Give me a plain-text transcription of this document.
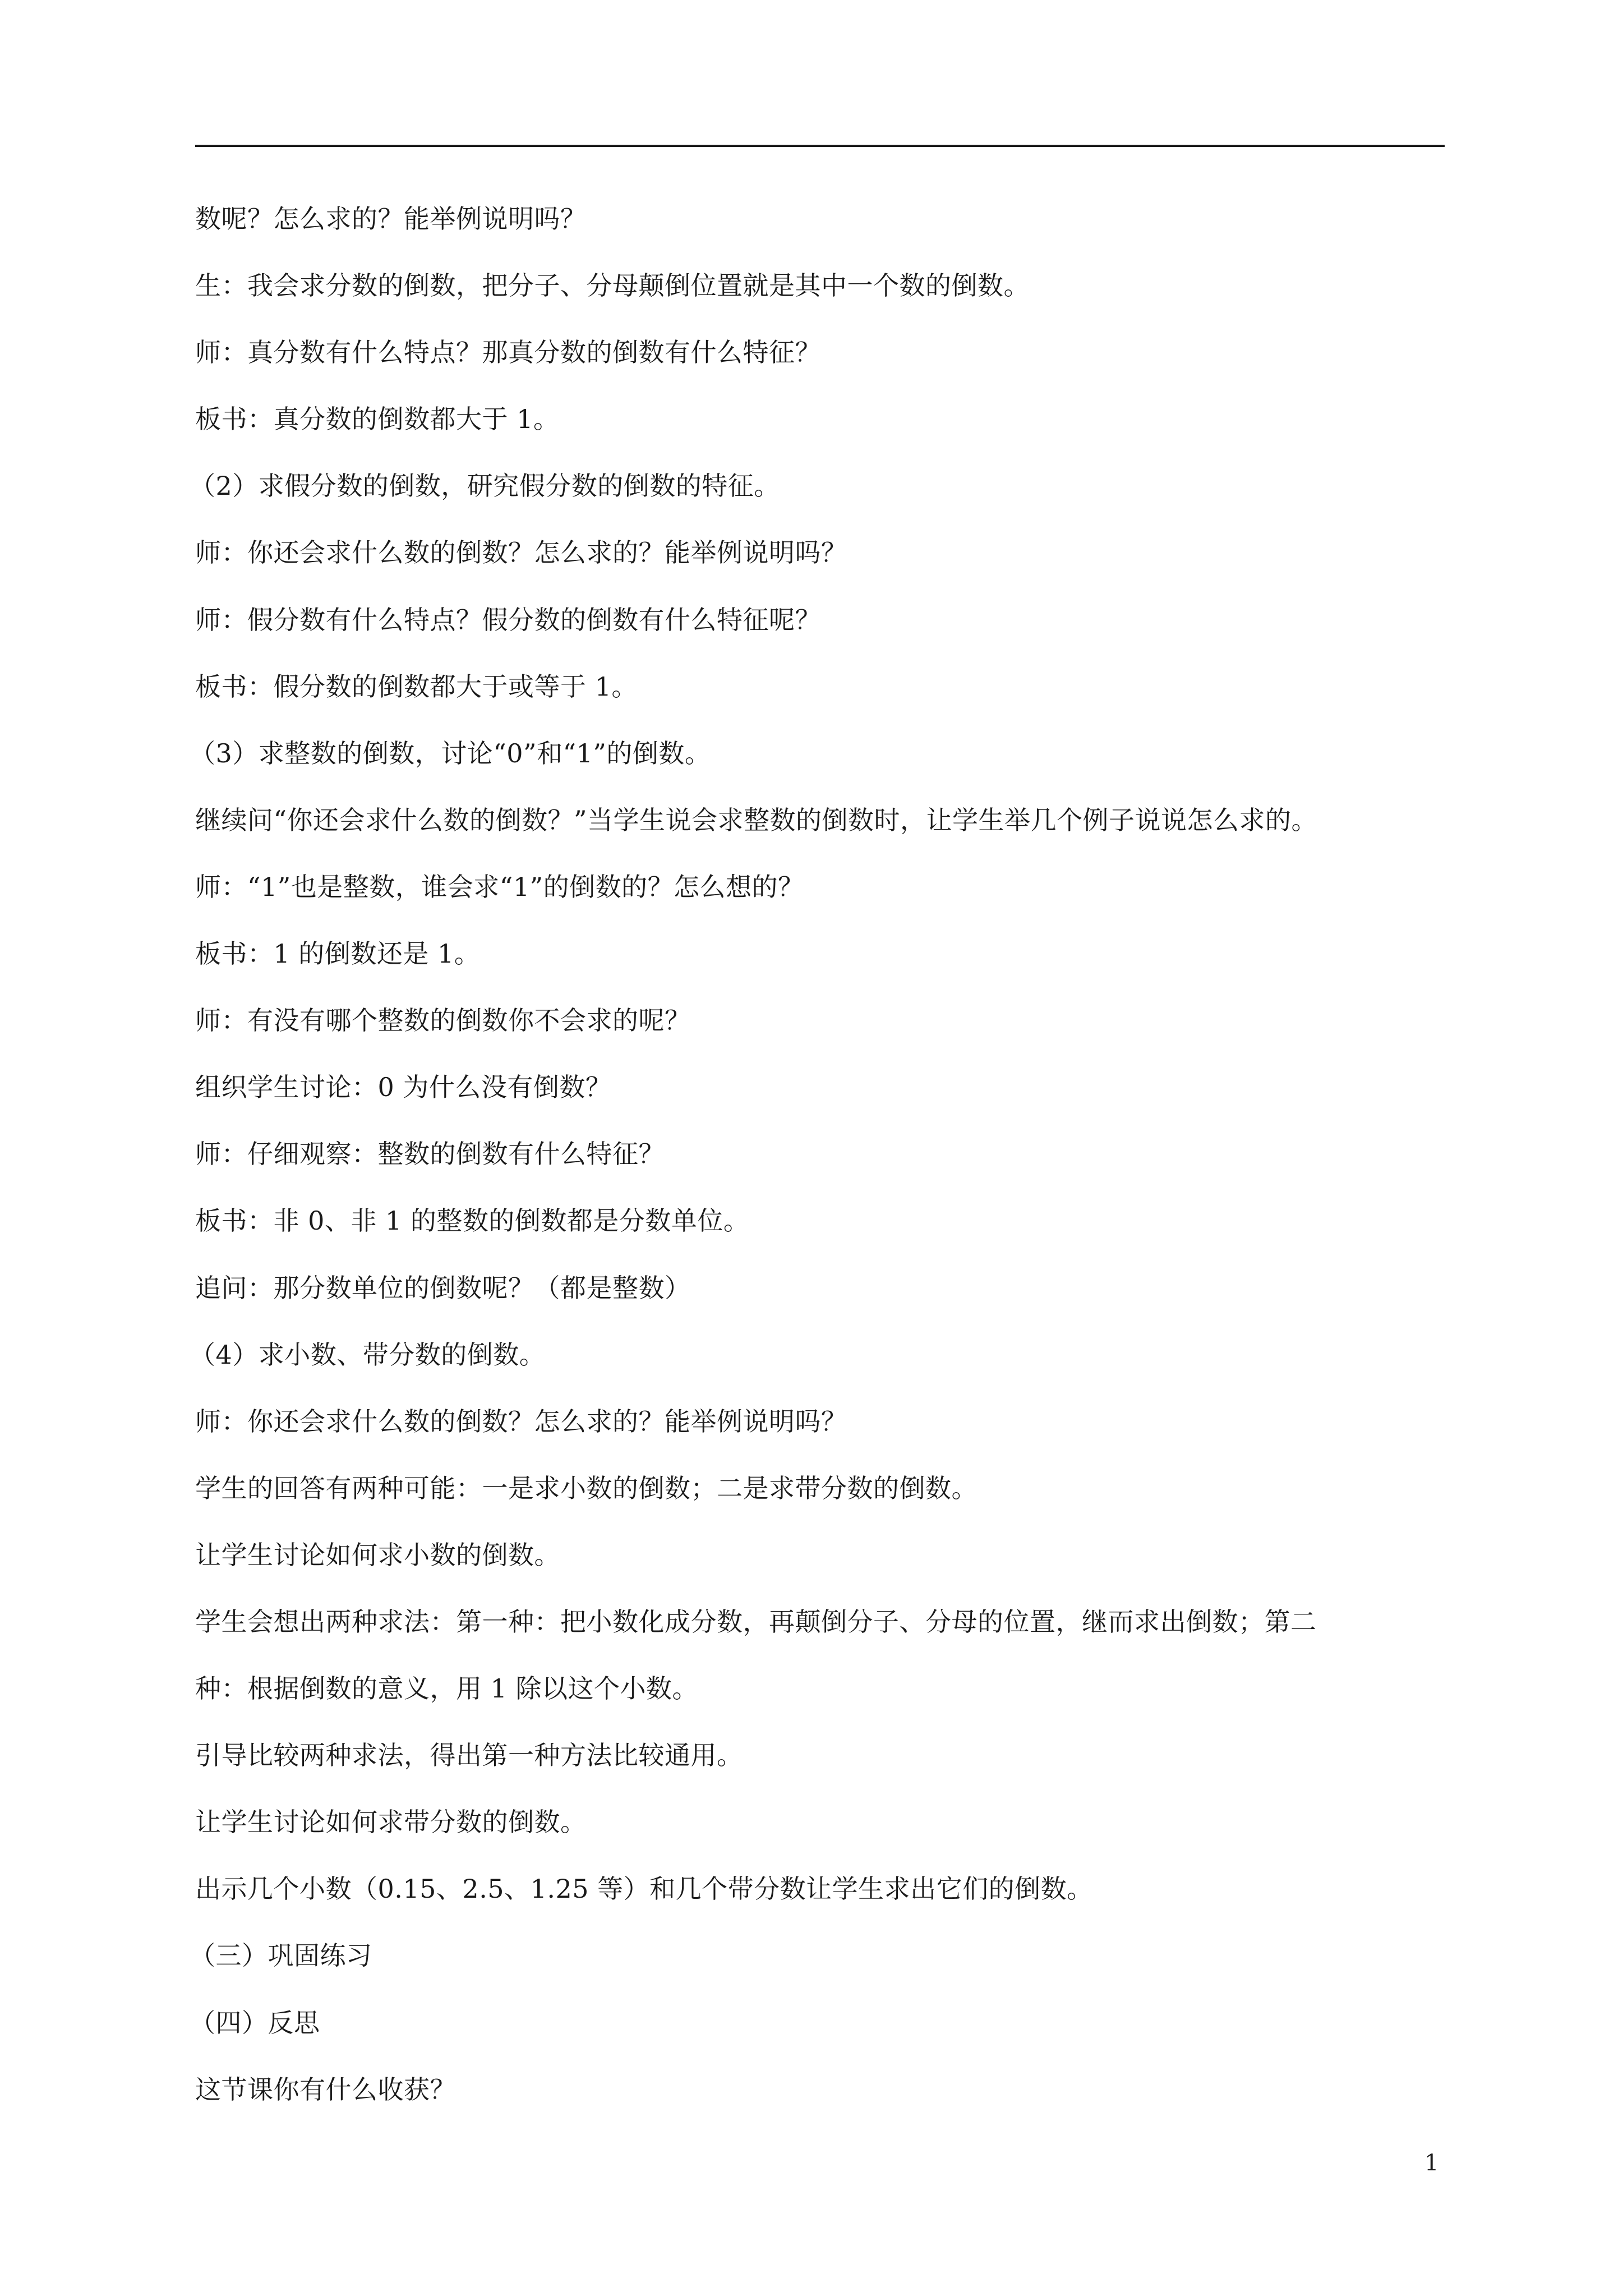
数呢？怎么求的？能举例说明吗？

生：我会求分数的倒数，把分子、分母颠倒位置就是其中一个数的倒数。

师：真分数有什么特点？那真分数的倒数有什么特征？

板书：真分数的倒数都大于 1。

（2）求假分数的倒数，研究假分数的倒数的特征。

师：你还会求什么数的倒数？怎么求的？能举例说明吗？

师：假分数有什么特点？假分数的倒数有什么特征呢？

板书：假分数的倒数都大于或等于 1。

（3）求整数的倒数，讨论“0”和“1”的倒数。

继续问“你还会求什么数的倒数？”当学生说会求整数的倒数时，让学生举几个例子说说怎么求的。

师：“1”也是整数，谁会求“1”的倒数的？怎么想的？

板书：1 的倒数还是 1。

师：有没有哪个整数的倒数你不会求的呢？

组织学生讨论：0 为什么没有倒数？

师：仔细观察：整数的倒数有什么特征？

板书：非 0、非 1 的整数的倒数都是分数单位。

追问：那分数单位的倒数呢？（都是整数）

（4）求小数、带分数的倒数。

师：你还会求什么数的倒数？怎么求的？能举例说明吗？

学生的回答有两种可能：一是求小数的倒数；二是求带分数的倒数。

让学生讨论如何求小数的倒数。

学生会想出两种求法：第一种：把小数化成分数，再颠倒分子、分母的位置，继而求出倒数；第二

种：根据倒数的意义，用 1 除以这个小数。

引导比较两种求法，得出第一种方法比较通用。

让学生讨论如何求带分数的倒数。

出示几个小数（0.15、2.5、1.25 等）和几个带分数让学生求出它们的倒数。

（三）巩固练习

（四）反思

这节课你有什么收获？

1
